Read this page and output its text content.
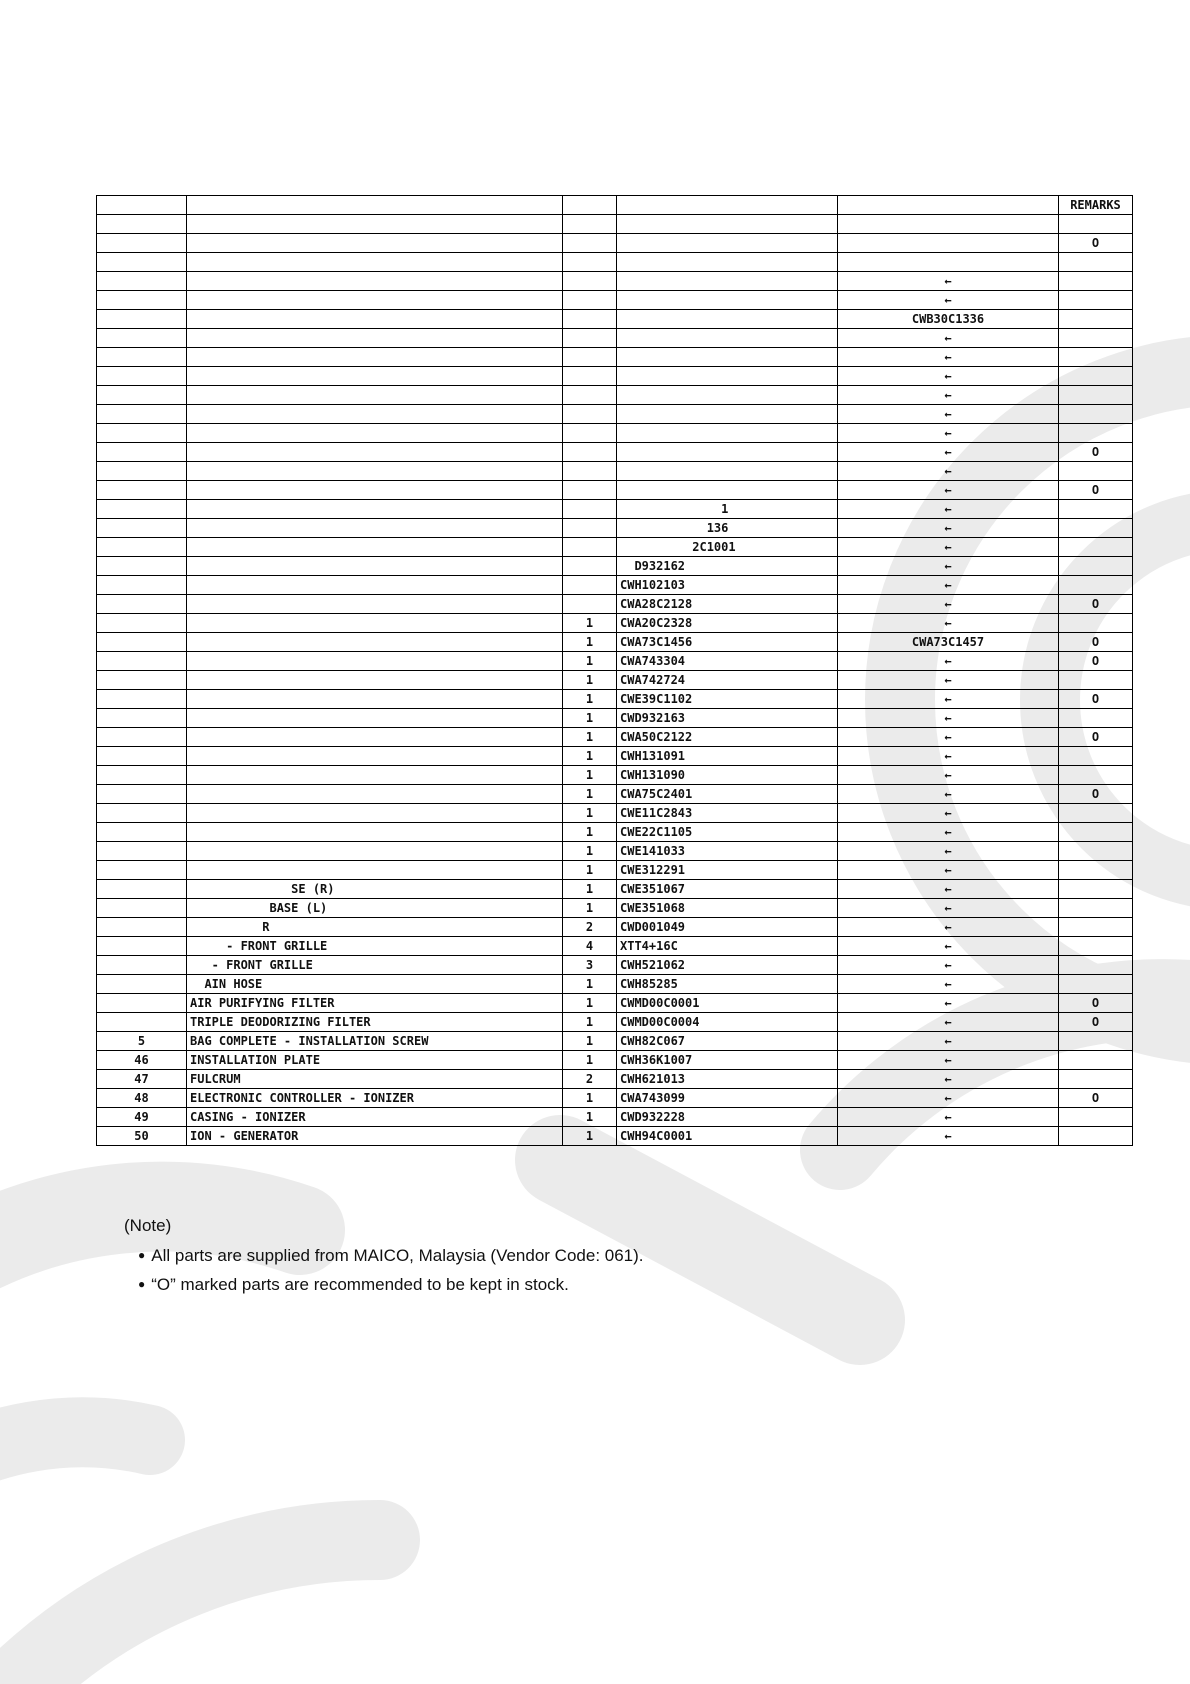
					REMARKS

					O

				←	
				←	
				CWB30C1336	
				←	
				←	
				←	
				←	
				←	
				←	
				←	O
				←	
				←	O
			1	←	
			136	←	
			2C1001	←	
			D932162	←	
			CWH102103	←	
			CWA28C2128	←	O
		1	CWA20C2328	←	
		1	CWA73C1456	CWA73C1457	O
		1	CWA743304	←	O
		1	CWA742724	←	
		1	CWE39C1102	←	O
		1	CWD932163	←	
		1	CWA50C2122	←	O
		1	CWH131091	←	
		1	CWH131090	←	
		1	CWA75C2401	←	O
		1	CWE11C2843	←	
		1	CWE22C1105	←	
		1	CWE141033	←	
		1	CWE312291	←	
	SE (R)	1	CWE351067	←	
	BASE (L)	1	CWE351068	←	
	R	2	CWD001049	←	
	- FRONT GRILLE	4	XTT4+16C	←	
	- FRONT GRILLE	3	CWH521062	←	
	AIN HOSE	1	CWH85285	←	
	AIR PURIFYING FILTER	1	CWMD00C0001	←	O
	TRIPLE DEODORIZING FILTER	1	CWMD00C0004	←	O
5	BAG COMPLETE - INSTALLATION SCREW	1	CWH82C067	←	
46	INSTALLATION PLATE	1	CWH36K1007	←	
47	FULCRUM	2	CWH621013	←	
48	ELECTRONIC CONTROLLER - IONIZER	1	CWA743099	←	O
49	CASING - IONIZER	1	CWD932228	←	
50	ION - GENERATOR	1	CWH94C0001	←	
(Note)
● All parts are supplied from MAICO, Malaysia (Vendor Code: 061).
● “O” marked parts are recommended to be kept in stock.
